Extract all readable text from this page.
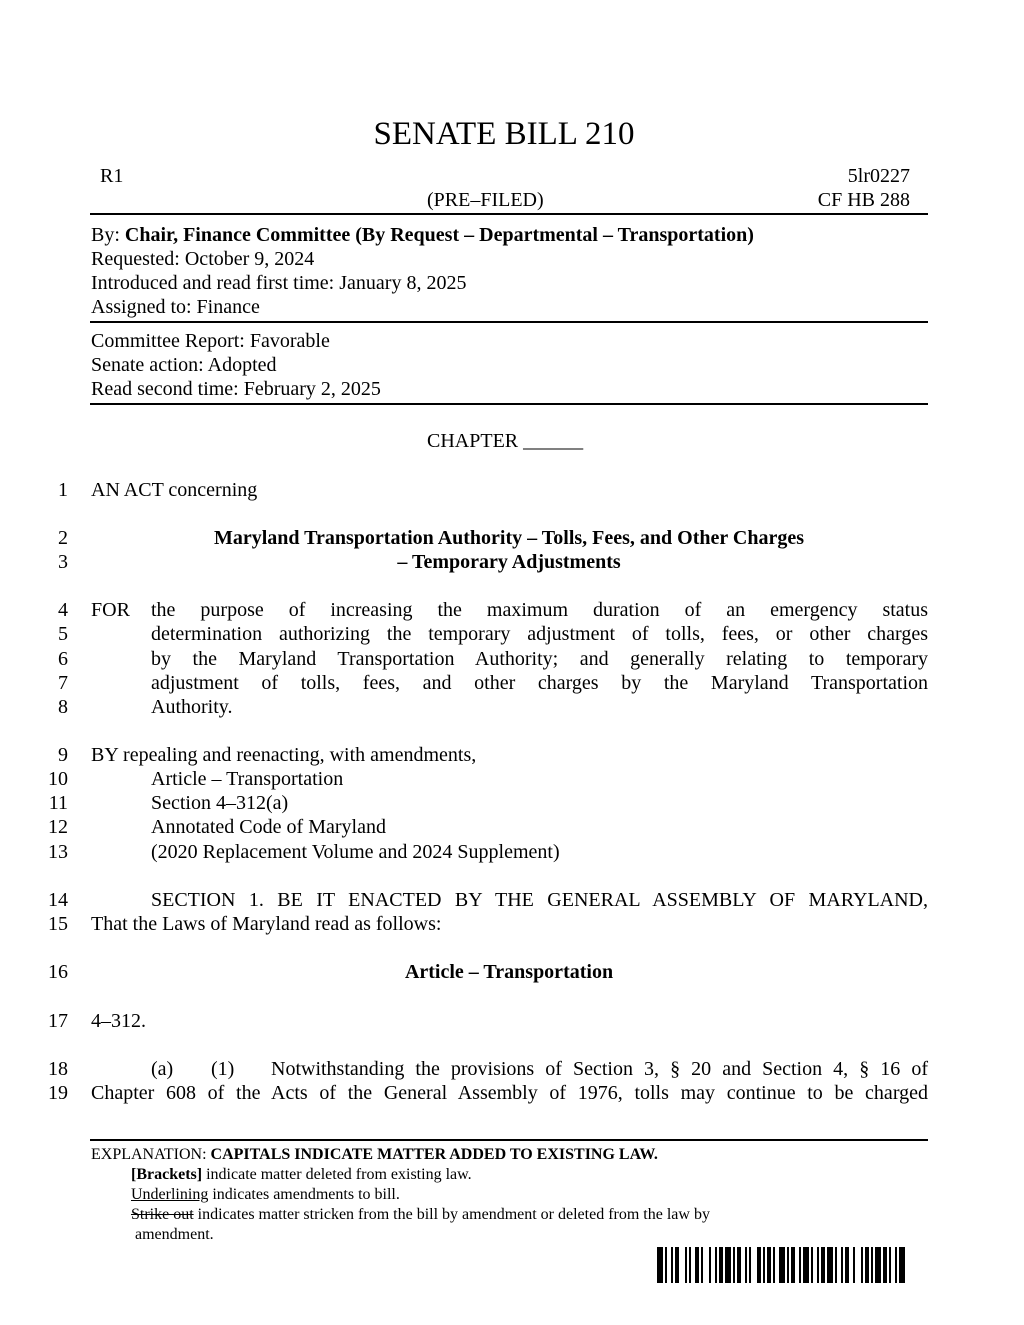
SENATE BILL 210
R1	5lr0227
(PRE–FILED)	CF HB 288
By: Chair, Finance Committee (By Request – Departmental – Transportation)
Requested: October 9, 2024
Introduced and read first time: January 8, 2025
Assigned to: Finance
Committee Report: Favorable
Senate action: Adopted
Read second time: February 2, 2025
CHAPTER ______
1
2
3
4
5
6
7
8
9
10
11
12
13
14
15
16
17
18
19
AN ACT concerning
Maryland Transportation Authority – Tolls, Fees, and Other Charges
– Temporary Adjustments
FOR the purpose of increasing the maximum duration of an emergency status
determination authorizing the temporary adjustment of tolls, fees, or other charges
by the Maryland Transportation Authority; and generally relating to temporary
adjustment of tolls, fees, and other charges by the Maryland Transportation
Authority.
BY repealing and reenacting, with amendments,
Article – Transportation
Section 4–312(a)
Annotated Code of Maryland
(2020 Replacement Volume and 2024 Supplement)
SECTION 1. BE IT ENACTED BY THE GENERAL ASSEMBLY OF MARYLAND,
That the Laws of Maryland read as follows:
Article – Transportation
4–312.
(a) (1) Notwithstanding the provisions of Section 3, § 20 and Section 4, § 16 of
Chapter 608 of the Acts of the General Assembly of 1976, tolls may continue to be charged
EXPLANATION: CAPITALS INDICATE MATTER ADDED TO EXISTING LAW.
[Brackets] indicate matter deleted from existing law.
Underlining indicates amendments to bill.
Strike out indicates matter stricken from the bill by amendment or deleted from the law by
amendment.
